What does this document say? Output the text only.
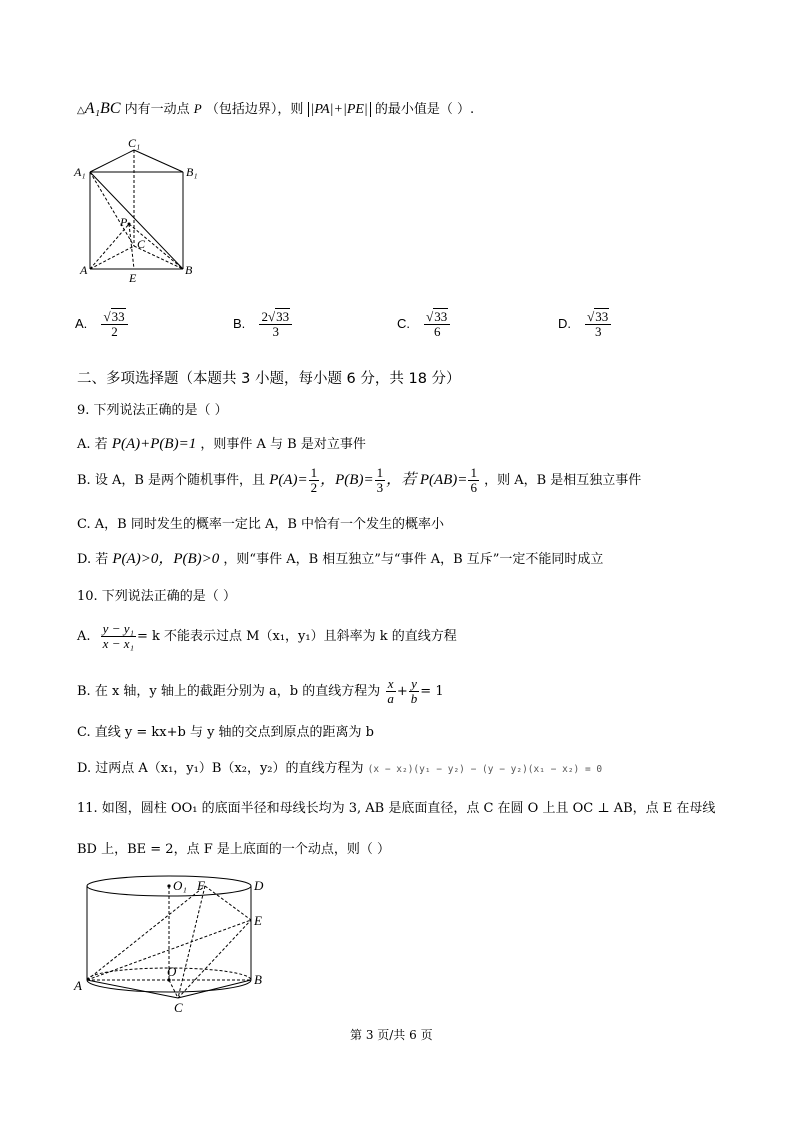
△A₁BC 内有一动点 P （包括边界），则 |PA|+|PE| 的最小值是（ ）.
C₁
A₁	B₁
P
C
A
E
B
A. $\frac{√33}{2}$	B. $\frac{2√33}{3}$	C. $\frac{√33}{6}$	D. $\frac{√33}{3}$
二、多项选择题（本题共 3 小题，每小题 6 分，共 18 分）
9. 下列说法正确的是（ ）
A. 若 P(A)+P(B)=1 ，则事件 A 与 B 是对立事件
B. 设 A，B 是两个随机事件，且 $P(A)= \frac{1}{2}$ ，$P(B)= \frac{1}{3}$ ，若 $P(AB)= \frac{1}{6}$ ，则 A，B 是相互独立事件
C. A，B 同时发生的概率一定比 A，B 中恰有一个发生的概率小
D. 若 P(A)>0，P(B)>0 ，则“事件 A，B 相互独立”与“事件 A，B 互斥”一定不能同时成立
10. 下列说法正确的是（ ）
A. $\frac{\text{y − y₁}}{\text{x − x₁}} = k$ 不能表示过点 M（x₁，y₁）且斜率为 k 的直线方程
B. 在 x 轴，y 轴上的截距分别为 a，b 的直线方程为 $\frac{x}{a} + \frac{y}{b} = 1$
C. 直线 y = kx+b 与 y 轴的交点到原点的距离为 b
D. 过两点 A（x₁，y₁）B（x₂，y₂）的直线方程为 (x − x₂)(y₁ − y₂) − (y − y₂)(x₁ − x₂) = 0
11. 如图，圆柱 OO₁ 的底面半径和母线长均为 3, AB 是底面直径，点 C 在圆 O 上且 OC ⊥ AB，点 E 在母线
BD 上，BE = 2，点 F 是上底面的一个动点，则（ ）
O₁ F	D
E
O
A	B
C
第 3 页/共 6 页
